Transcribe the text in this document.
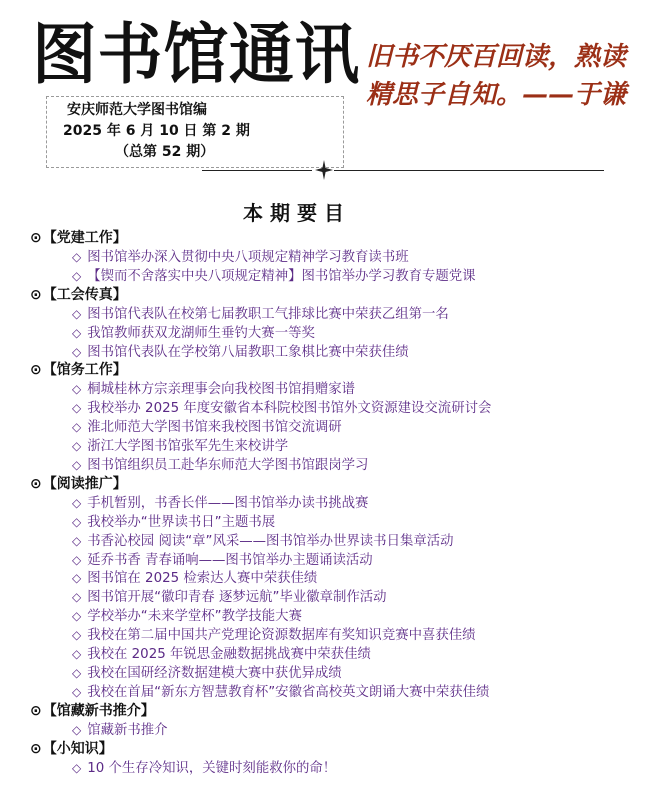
图书馆通讯 旧书不厌百回读，熟读
精思子自知。——于谦
安庆师范大学图书馆编
2025 年 6 月 10 日 第 2 期
（总第 52 期）
本期要目
⊙【党建工作】
◇ 图书馆举办深入贯彻中央八项规定精神学习教育读书班
◇ 【锲而不舍落实中央八项规定精神】图书馆举办学习教育专题党课
⊙【工会传真】
◇ 图书馆代表队在校第七届教职工气排球比赛中荣获乙组第一名
◇ 我馆教师获双龙湖师生垂钓大赛一等奖
◇ 图书馆代表队在学校第八届教职工象棋比赛中荣获佳绩
⊙【馆务工作】
◇ 桐城桂林方宗亲理事会向我校图书馆捐赠家谱
◇ 我校举办 2025 年度安徽省本科院校图书馆外文资源建设交流研讨会
◇ 淮北师范大学图书馆来我校图书馆交流调研
◇ 浙江大学图书馆张军先生来校讲学
◇ 图书馆组织员工赴华东师范大学图书馆跟岗学习
⊙【阅读推广】
◇ 手机暂别，书香长伴——图书馆举办读书挑战赛
◇ 我校举办“世界读书日”主题书展
◇ 书香沁校园 阅读“章”风采——图书馆举办世界读书日集章活动
◇ 延乔书香 青春诵响——图书馆举办主题诵读活动
◇ 图书馆在 2025 检索达人赛中荣获佳绩
◇ 图书馆开展“徽印青春 逐梦远航”毕业徽章制作活动
◇ 学校举办“未来学堂杯”教学技能大赛
◇ 我校在第二届中国共产党理论资源数据库有奖知识竞赛中喜获佳绩
◇ 我校在 2025 年锐思金融数据挑战赛中荣获佳绩
◇ 我校在国研经济数据建模大赛中获优异成绩
◇ 我校在首届“新东方智慧教育杯”安徽省高校英文朗诵大赛中荣获佳绩
⊙【馆藏新书推介】
◇ 馆藏新书推介
⊙【小知识】
◇ 10 个生存冷知识，关键时刻能救你的命！
